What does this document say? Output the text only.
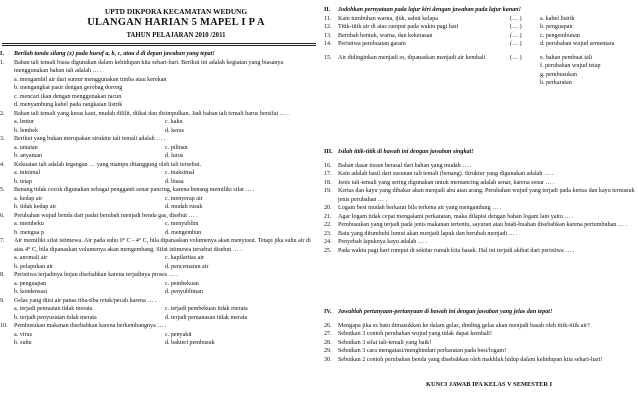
UPTD DIKPORA KECAMATAN WEDUNG
ULANGAN HARIAN 5 MAPEL I P A
TAHUN PELAJARAN 2010 /2011
I.	Berilah tanda silang (x) pada huruf a, b, c, atau d di depan jawaban yang tepat!
1.	Bahan tali temali biasa digunakan dalam kehidupan kita sehari-hari. Berikut ini adalah kegiatan yang biasanya menggunakan bahan tali adalah … .
a. mengambil air dari sumur menggunakan timba atau kerekan
b. mengangkat pasir dengan gerobag dorong
c. mencari ikan dengan menggunakan racun
d. menyambung kabel pada rangkaian listrik
2.	Bahan tali temali yang keras kaut, mudah dililit, diikat dan disimpulkan. Jadi bahan tali temali harus bersifat … .
a. lentur	c. kaku
b. lembek	d. keras
3.	Berikut yang bukan merupakan struktur tali temali adalah … .
a. untaian	c. pilinan
b. anyaman	d. lurus
4.	Kekuatan tali adalah tegangan … yang mampu ditanggung oleh tali tersebut.
a. minimal	c. maksimal
b. tetap	d. biasa
5.	Benang tidak cocok digunakan sebagai pengganti senar pancing, karena benang memiliki sifat … .
a. kedap air	c. menyerap air
b. tidak kedap air	d. mudah rusak
6.	Perubahan wujud benda dari padat berubah menjadi benda gas, disebut … .
a. membeku	c. menyublim
b. mengua p	d. mengembun
7.	Air memiliki sifat istimewa. Air pada suhu 0° C - 4° C, bila dipanaskan volumenya akan menyusut. Tetapi jika suhu air di atas 4° C, bila dipanaskan volumenya akan mengembang. Sifat istimewa tersebut disebut … .
a. anomali air	c. kapilaritas air
b. pelapukan air	d. pencemaran air
8.	Peristiwa terjadinya hujan disebabkan karena terjadinya proses … .
a. penguapan	c. pembekuan
b. kondensasi	d. penyubliman
9.	Gelas yang diisi air panas tiba-tiba retak/pecah karena … .
a. terjadi pemuaian tidak merata	c. terjadi pembekuan tidak merata
b. terjadi penyusutan tidak merata	d. terjadi pemanasan tidak merata
10.	Pembusukan makanan disebabkan karena berkembangnya … .
a. virus	c. penyakit
b. suhu	d. bakteri pembusuk
II.	Jodohkan pernyataan pada lajur kiri dengan jawaban pada lajur kanan!
11.	Kain tumbuhan warna, ijuk, sabut kelapa	(… )	a. kabel listrik
12.	Titik-titik air di atas rumput pada waktu pagi hari	(… )	b. penguapan
13.	Berubah bentuk, warna, dan kekerasan	(… )	c. pengembunan
14.	Peristiwa pembuatan garam	(… )	d. perubahan wujud sementara
15.	Air didinginkan menjadi es, dipanaskan menjadi air kembali	(… )	e. bahan pembuat tali
f. perubahan wujud tetap
g. pembusukan
h. perkaratan
III. Isilah titik-titik di bawah ini dengan jawaban singkat!
16.	Bahan dasar tissue berasal dari bahan yang mudah … .
17.	Kain adalah hasil dari susunan tali temali (benang). Struktur yang digunakan adalah … .
18.	Jenis tali-temali yang sering digunakan untuk memancing adalah senar, karena senar … .
19.	Kertas dan kayu yang dibakar akan menjadi abu atau arang. Perubahan wujud yang terjadi pada kertas dan kayu termasuk jenis perubahan … .
20.	Logam besi mudah berkarat bila terkena air yang mengandung … .
21.	Agar logam tidak cepat mengalami perkaratan, maka dilapisi dengan bahan logam lain yaitu … .
22.	Pembusukan yang terjadi pada jenis makanan tertentu, sayuran atau buah-buahan disebabkan karena pertumbuhan … .
23.	Batu yang ditumbuhi lumut akan menjadi lapuk dan berubah menjadi … .
24.	Penyebab lapuknya kayu adalah … .
25.	Pada waktu pagi hari rumput di sekitar rumah kita basah. Hal ini terjadi akibat dari peristiwa … .
IV.	Jawablah pertanyaan-pertanyaan di bawah ini dengan jawaban yang jelas dan tepat!
26.	Mengapa jika es batu dimasukkan ke dalam gelas, dinding gelas akan menjadi basah oleh titik-titik air?
27.	Sebutkan 3 contoh perubahan wujud yang tidak dapat kembali!
28.	Sebutkan 3 sifat tali-temali yang baik!
29.	Sebutkan 3 cara mengatasi/menghindari perkaratan pada besi/logam!
30.	Sebutkan 2 contoh perubahan benda yang disebabkan oleh makhluk hidup dalam kehidupan kita sehari-hari!
KUNCI JAWAB IPA KELAS V SEMESTER I
